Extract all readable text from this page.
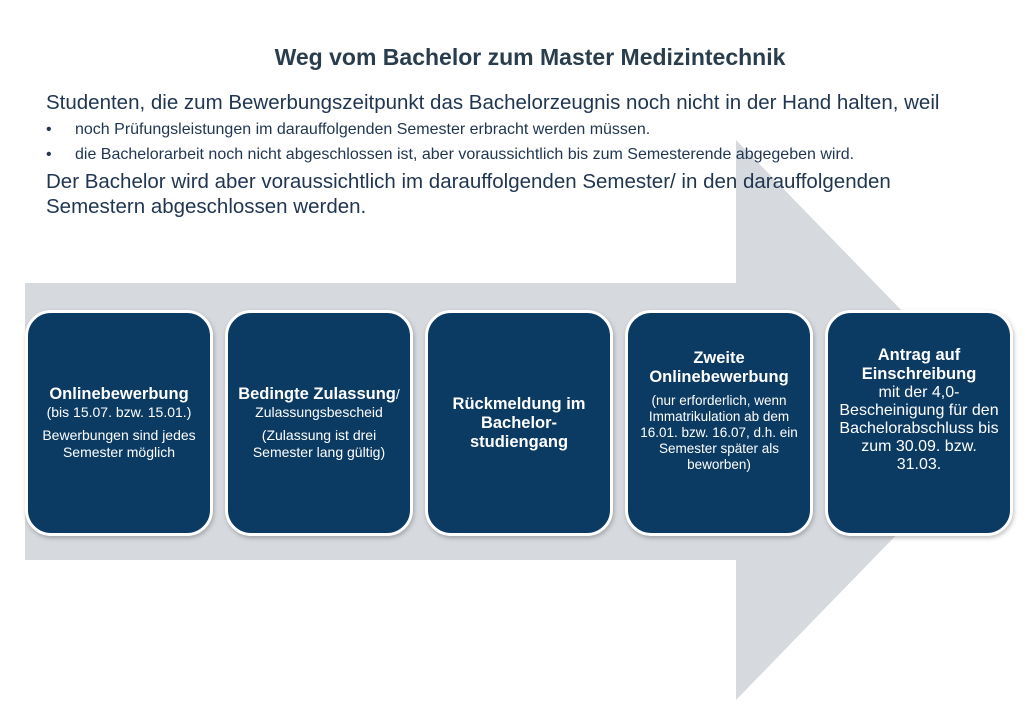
Weg vom Bachelor zum Master Medizintechnik

Studenten, die zum Bewerbungszeitpunkt das Bachelorzeugnis noch nicht in der Hand halten, weil

•	noch Prüfungsleistungen im darauffolgenden Semester erbracht werden müssen.
•	die Bachelorarbeit noch nicht abgeschlossen ist, aber voraussichtlich bis zum Semesterende abgegeben wird.

Der Bachelor wird aber voraussichtlich im darauffolgenden Semester/ in den darauffolgenden Semestern abgeschlossen werden.

Onlinebewerbung
(bis 15.07. bzw. 15.01.)
Bewerbungen sind jedes Semester möglich
Bedingte Zulassung/
Zulassungsbescheid
(Zulassung ist drei Semester lang gültig)
Rückmeldung im Bachelor-studiengang
Zweite Onlinebewerbung
(nur erforderlich, wenn Immatrikulation ab dem 16.01. bzw. 16.07, d.h. ein Semester später als beworben)
Antrag auf Einschreibung
mit der 4,0-Bescheinigung für den Bachelorabschluss bis zum 30.09. bzw. 31.03.
